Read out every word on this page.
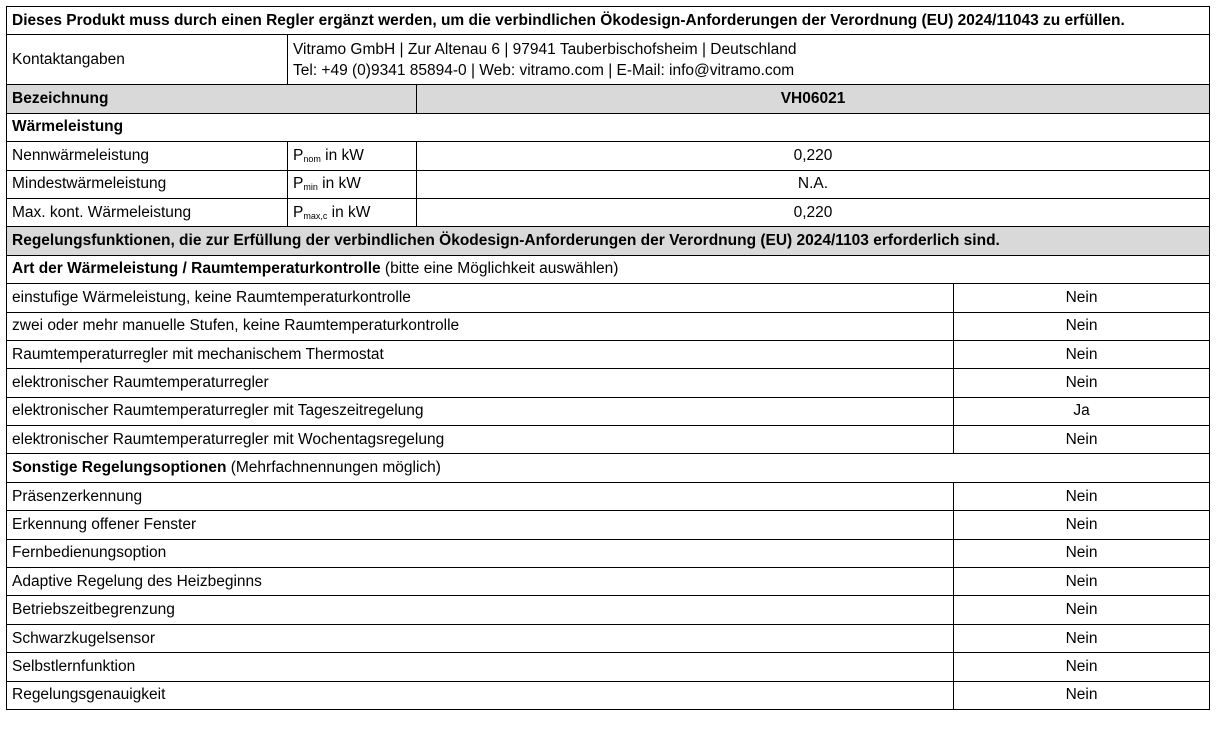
Dieses Produkt muss durch einen Regler ergänzt werden, um die verbindlichen Ökodesign-Anforderungen der Verordnung (EU) 2024/11043 zu erfüllen.			
Kontaktangaben	Vitramo GmbH | Zur Altenau 6 | 97941 Tauberbischofsheim | Deutschland
Tel: +49 (0)9341 85894-0 | Web: vitramo.com | E-Mail: info@vitramo.com		

Bezeichnung		VH06021	
Wärmeleistung			
Nennwärmeleistung	$P_{nom}$ in kW	0,220	
Mindestwärmeleistung	$P_{min}$ in kW	N.A.	
Max. kont. Wärmeleistung	$P_{max,c}$ in kW	0,220	
Regelungsfunktionen, die zur Erfüllung der verbindlichen Ökodesign-Anforderungen der Verordnung (EU) 2024/1103 erforderlich sind.			
Art der Wärmeleistung / Raumtemperaturkontrolle (bitte eine Möglichkeit auswählen)			
einstufige Wärmeleistung, keine Raumtemperaturkontrolle			Nein
zwei oder mehr manuelle Stufen, keine Raumtemperaturkontrolle			Nein
Raumtemperaturregler mit mechanischem Thermostat			Nein
elektronischer Raumtemperaturregler			Nein
elektronischer Raumtemperaturregler mit Tageszeitregelung			Ja
elektronischer Raumtemperaturregler mit Wochentagsregelung			Nein
Sonstige Regelungsoptionen (Mehrfachnennungen möglich)			
Präsenzerkennung			Nein
Erkennung offener Fenster			Nein
Fernbedienungsoption			Nein
Adaptive Regelung des Heizbeginns			Nein
Betriebszeitbegrenzung			Nein
Schwarzkugelsensor			Nein
Selbstlernfunktion			Nein
Regelungsgenauigkeit			Nein
